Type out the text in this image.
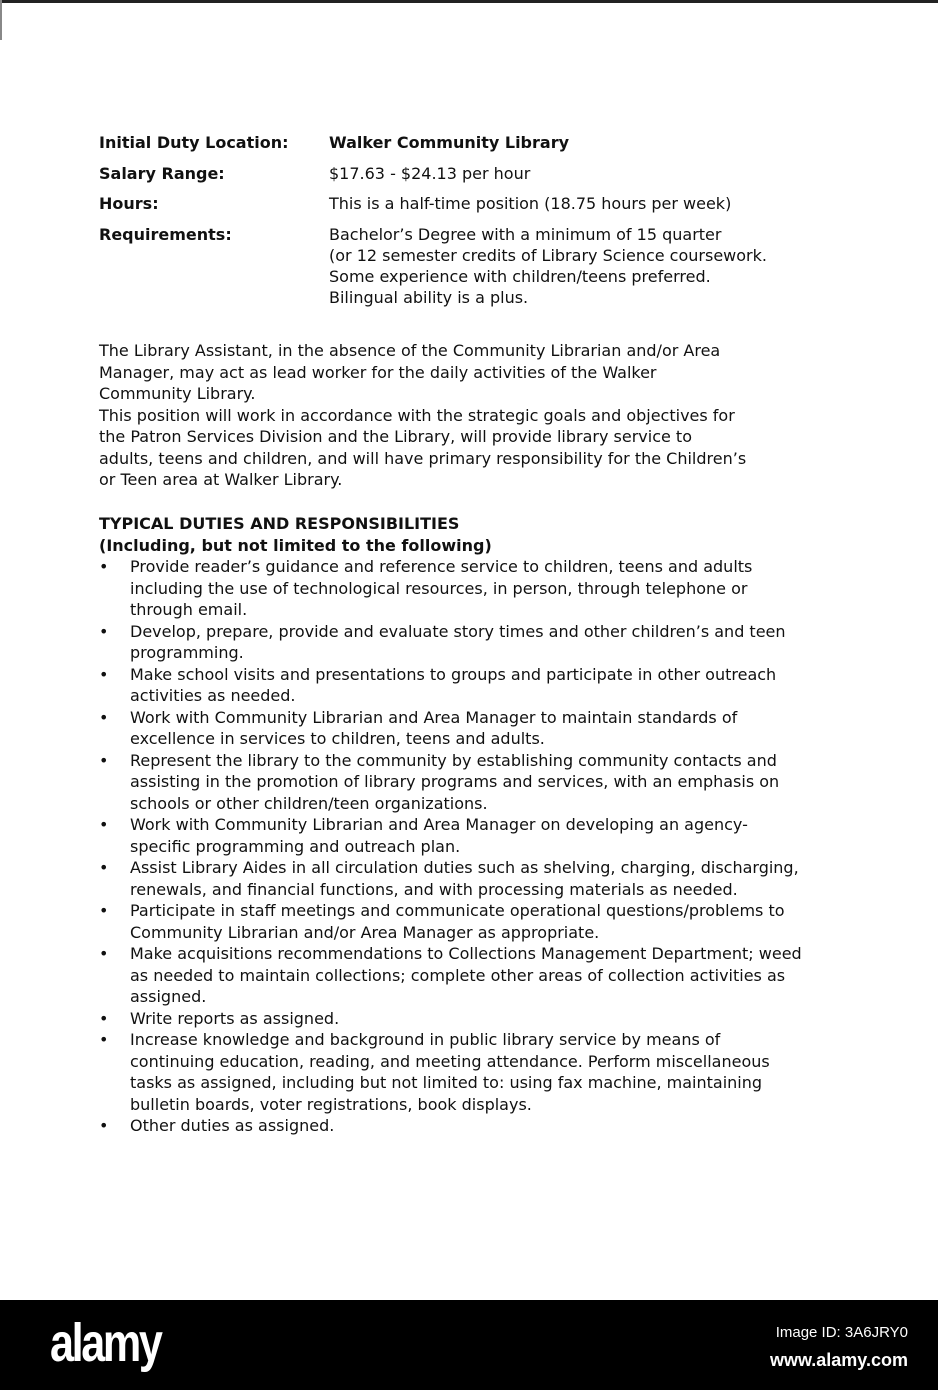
Initial Duty Location:	Walker Community Library
Salary Range:	$17.63 - $24.13 per hour
Hours:	This is a half-time position (18.75 hours per week)
Requirements:	Bachelor’s Degree with a minimum of 15 quarter
(or 12 semester credits of Library Science coursework.
Some experience with children/teens preferred.
Bilingual ability is a plus.
The Library Assistant, in the absence of the Community Librarian and/or Area
Manager, may act as lead worker for the daily activities of the Walker
Community Library.
This position will work in accordance with the strategic goals and objectives for
the Patron Services Division and the Library, will provide library service to
adults, teens and children, and will have primary responsibility for the Children’s
or Teen area at Walker Library.
TYPICAL DUTIES AND RESPONSIBILITIES
(Including, but not limited to the following)
• Provide reader’s guidance and reference service to children, teens and adults
including the use of technological resources, in person, through telephone or
through email.
• Develop, prepare, provide and evaluate story times and other children’s and teen
programming.
• Make school visits and presentations to groups and participate in other outreach
activities as needed.
• Work with Community Librarian and Area Manager to maintain standards of
excellence in services to children, teens and adults.
• Represent the library to the community by establishing community contacts and
assisting in the promotion of library programs and services, with an emphasis on
schools or other children/teen organizations.
• Work with Community Librarian and Area Manager on developing an agency-
specific programming and outreach plan.
• Assist Library Aides in all circulation duties such as shelving, charging, discharging,
renewals, and financial functions, and with processing materials as needed.
• Participate in staff meetings and communicate operational questions/problems to
Community Librarian and/or Area Manager as appropriate.
• Make acquisitions recommendations to Collections Management Department; weed
as needed to maintain collections; complete other areas of collection activities as
assigned.
• Write reports as assigned.
• Increase knowledge and background in public library service by means of
continuing education, reading, and meeting attendance. Perform miscellaneous
tasks as assigned, including but not limited to: using fax machine, maintaining
bulletin boards, voter registrations, book displays.
• Other duties as assigned.
alamy	Image ID: 3A6JRY0
www.alamy.com
